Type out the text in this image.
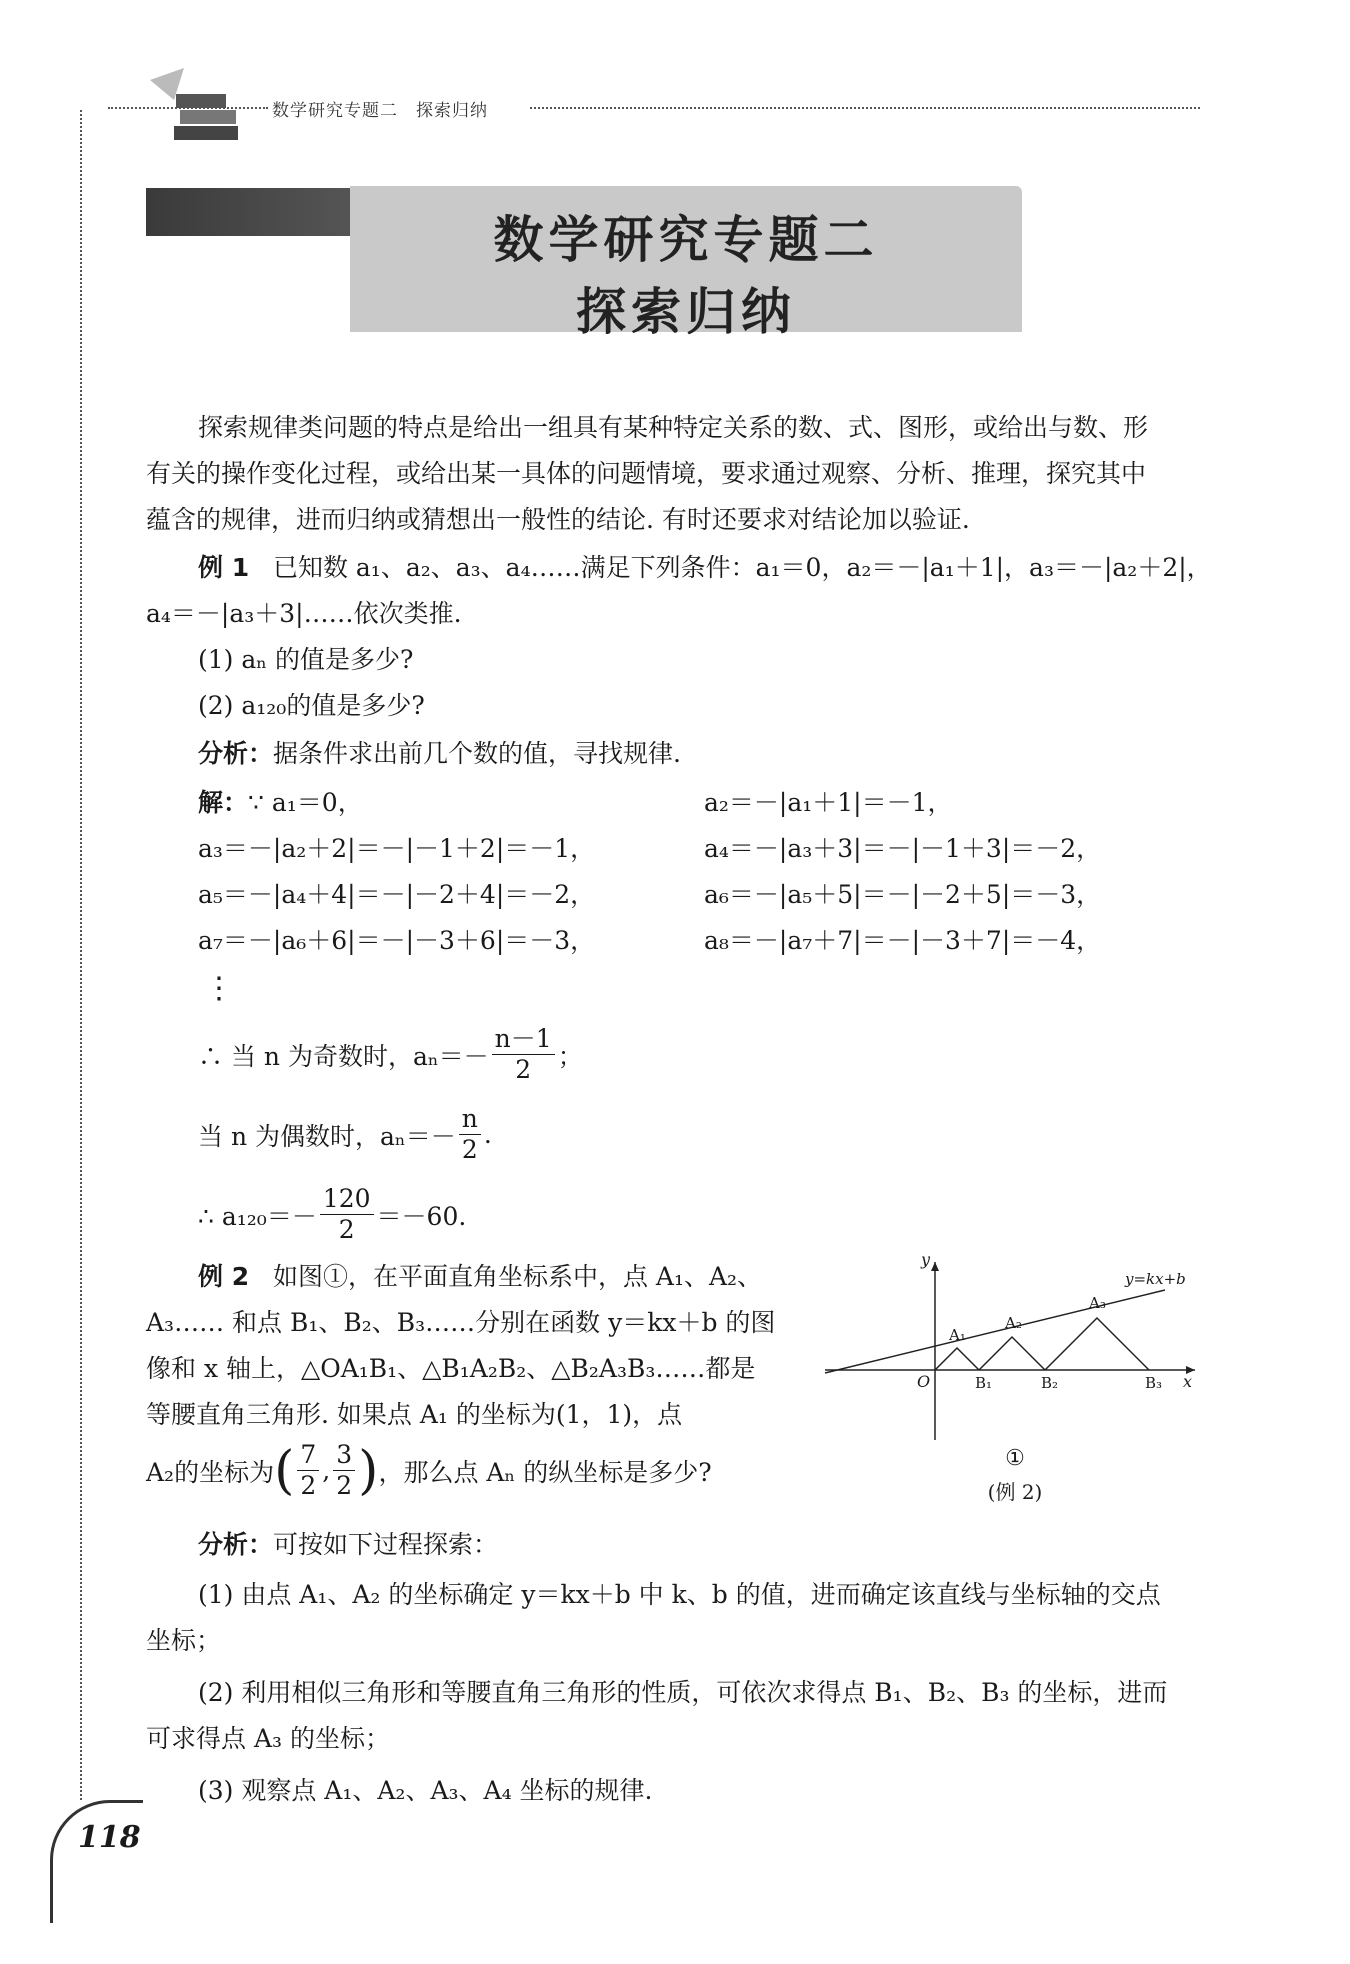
数学研究专题二　探索归纳
数学研究专题二
探索归纳
探索规律类问题的特点是给出一组具有某种特定关系的数、式、图形，或给出与数、形
有关的操作变化过程，或给出某一具体的问题情境，要求通过观察、分析、推理，探究其中
蕴含的规律，进而归纳或猜想出一般性的结论. 有时还要求对结论加以验证.
例 1 已知数 a₁、a₂、a₃、a₄……满足下列条件：a₁＝0，a₂＝－|a₁＋1|，a₃＝－|a₂＋2|，
a₄＝－|a₃＋3|……依次类推.
(1) aₙ 的值是多少?
(2) a₁₂₀的值是多少?
分析：据条件求出前几个数的值，寻找规律.
解：∵ a₁＝0，	a₂＝－|a₁＋1|＝－1，
a₃＝－|a₂＋2|＝－|－1＋2|＝－1，	a₄＝－|a₃＋3|＝－|－1＋3|＝－2，
a₅＝－|a₄＋4|＝－|－2＋4|＝－2，	a₆＝－|a₅＋5|＝－|－2＋5|＝－3，
a₇＝－|a₆＋6|＝－|－3＋6|＝－3，	a₈＝－|a₇＋7|＝－|－3＋7|＝－4，
⋮
∴ 当 n 为奇数时，$a_n=- \frac{n-1}{2}$ ；
当 n 为偶数时，$a_n=- \frac{n}{2}$ .
∴ $a_{120}=- \frac{120}{2} =-60$.
例 2 如图①，在平面直角坐标系中，点 A₁、A₂、
A₃…… 和点 B₁、B₂、B₃……分别在函数 y＝kx＋b 的图
像和 x 轴上，△OA₁B₁、△B₁A₂B₂、△B₂A₃B₃……都是
等腰直角三角形. 如果点 A₁ 的坐标为(1，1)，点
A₂的坐标为 ( $\frac{7}{2}$ , $\frac{3}{2}$ ) ，那么点 Aₙ 的纵坐标是多少?
y
x
O
y=kx+b
A₁
A₂
A₃
B₁	B₂	B₃
①
(例 2)
分析：可按如下过程探索：
(1) 由点 A₁、A₂ 的坐标确定 y＝kx＋b 中 k、b 的值，进而确定该直线与坐标轴的交点
坐标；
(2) 利用相似三角形和等腰直角三角形的性质，可依次求得点 B₁、B₂、B₃ 的坐标，进而
可求得点 A₃ 的坐标；
(3) 观察点 A₁、A₂、A₃、A₄ 坐标的规律.
118
